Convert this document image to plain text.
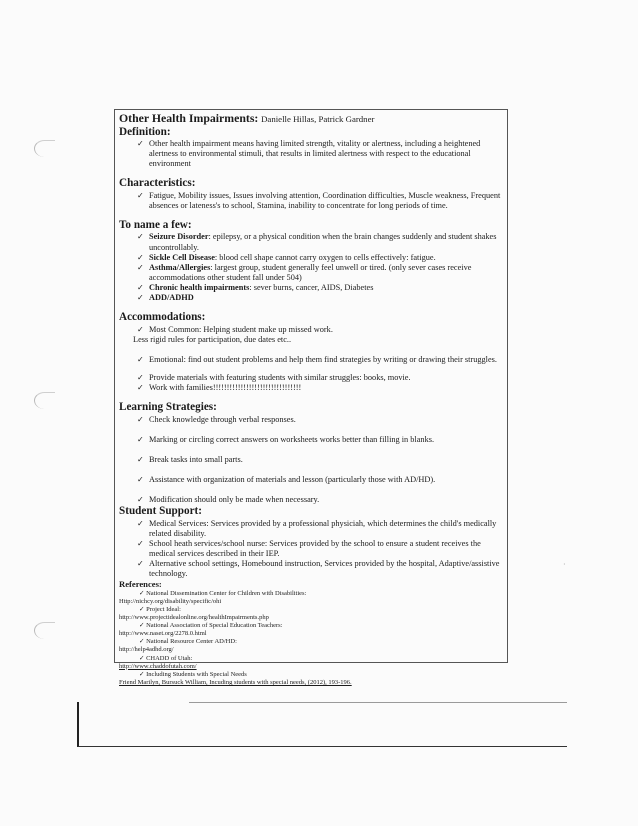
·
Other Health Impairments: Danielle Hillas, Patrick Gardner
Definition:
✓ Other health impairment means having limited strength, vitality or alertness, including a heightened alertness to environmental stimuli, that results in limited alertness with respect to the educational environment
Characteristics:
✓ Fatigue, Mobility issues, Issues involving attention, Coordination difficulties, Muscle weakness, Frequent absences or lateness's to school, Stamina, inability to concentrate for long periods of time.
To name a few:
✓ Seizure Disorder: epilepsy, or a physical condition when the brain changes suddenly and student shakes uncontrollably.
✓ Sickle Cell Disease: blood cell shape cannot carry oxygen to cells effectively: fatigue.
✓ Asthma/Allergies: largest group, student generally feel unwell or tired. (only sever cases receive accommodations other student fall under 504)
✓ Chronic health impairments: sever burns, cancer, AIDS, Diabetes
✓ ADD/ADHD
Accommodations:
✓ Most Common: Helping student make up missed work.
Less rigid rules for participation, due dates etc..
✓ Emotional: find out student problems and help them find strategies by writing or drawing their struggles.
✓ Provide materials with featuring students with similar struggles: books, movie.
✓ Work with families!!!!!!!!!!!!!!!!!!!!!!!!!!!!!!!!
Learning Strategies:
✓ Check knowledge through verbal responses.
✓ Marking or circling correct answers on worksheets works better than filling in blanks.
✓ Break tasks into small parts.
✓ Assistance with organization of materials and lesson (particularly those with AD/HD).
✓ Modification should only be made when necessary.
Student Support:
✓ Medical Services: Services provided by a professional physiciah, which determines the child's medically related disability.
✓ School heath services/school nurse: Services provided by the school to ensure a student receives the medical services described in their IEP.
✓ Alternative school settings, Homebound instruction, Services provided by the hospital, Adaptive/assistive technology.
References:
✓ National Dissemination Center for Children with Disabilities:
Http://nichcy.org/disability/specific/ohi
✓ Project Ideal:
http://www.projectidealonline.org/healthImpairments.php
✓ National Association of Special Education Teachers:
http://www.naset.org/2278.0.html
✓ National Resource Center AD/HD:
http://help4adhd.org/
✓ CHADD of Utah:
http://www.chaddofutah.com/
✓ Including Students with Special Needs
Friend Marilyn, Bursuck William, Incuding students with special needs, (2012), 193-196.
